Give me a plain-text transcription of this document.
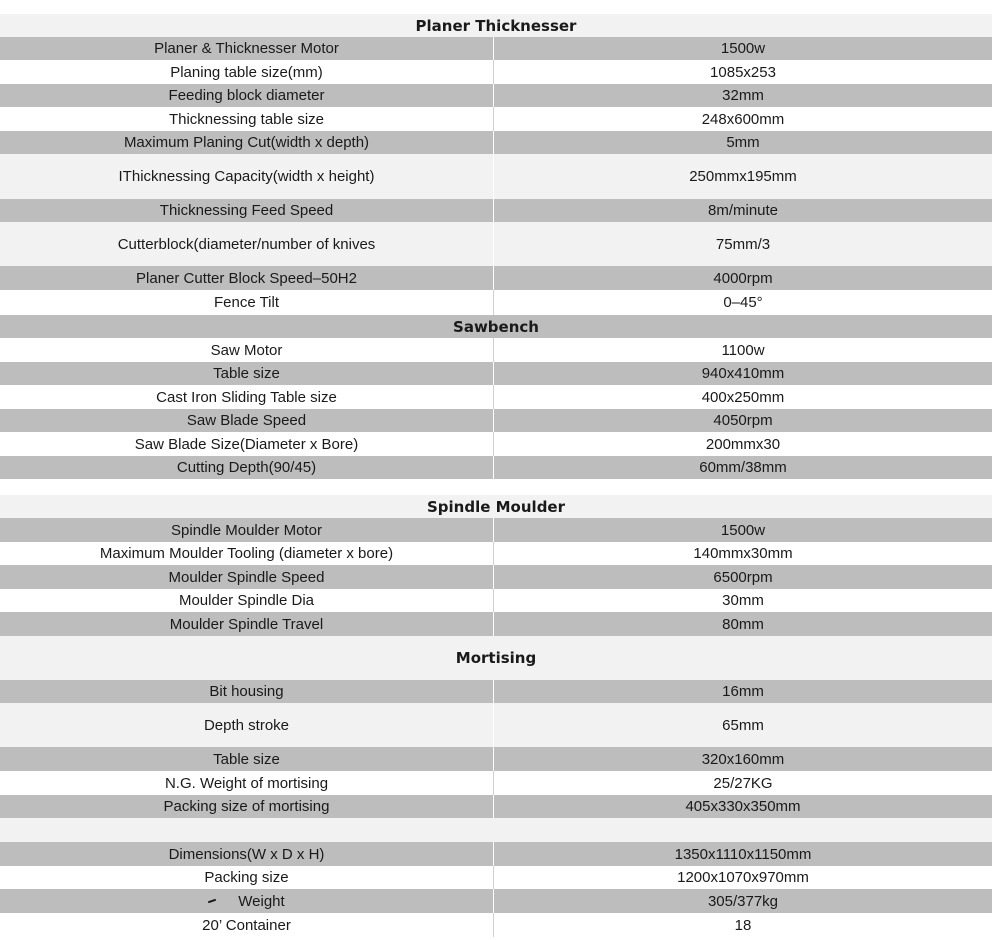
Planer Thicknesser
Planer & Thicknesser Motor	1500w
Planing table size(mm)	1085x253
Feeding block diameter	32mm
Thicknessing table size	248x600mm
Maximum Planing Cut(width x depth)	5mm
IThicknessing Capacity(width x height)	250mmx195mm
Thicknessing Feed Speed	8m/minute
Cutterblock(diameter/number of knives	75mm/3
Planer Cutter Block Speed–50H2	4000rpm
Fence Tilt	0–45°
Sawbench
Saw Motor	1100w
Table size	940x410mm
Cast Iron Sliding Table size	400x250mm
Saw Blade Speed	4050rpm
Saw Blade Size(Diameter x Bore)	200mmx30
Cutting Depth(90/45)	60mm/38mm
Spindle Moulder
Spindle Moulder Motor	1500w
Maximum Moulder Tooling (diameter x bore)	140mmx30mm
Moulder Spindle Speed	6500rpm
Moulder Spindle Dia	30mm
Moulder Spindle Travel	80mm
Mortising
Bit housing	16mm
Depth stroke	65mm
Table size	320x160mm
N.G. Weight of mortising	25/27KG
Packing size of mortising	405x330x350mm
Dimensions(W x D x H)	1350x1110x1150mm
Packing size	1200x1070x970mm
Weight	305/377kg
20’ Container	18
